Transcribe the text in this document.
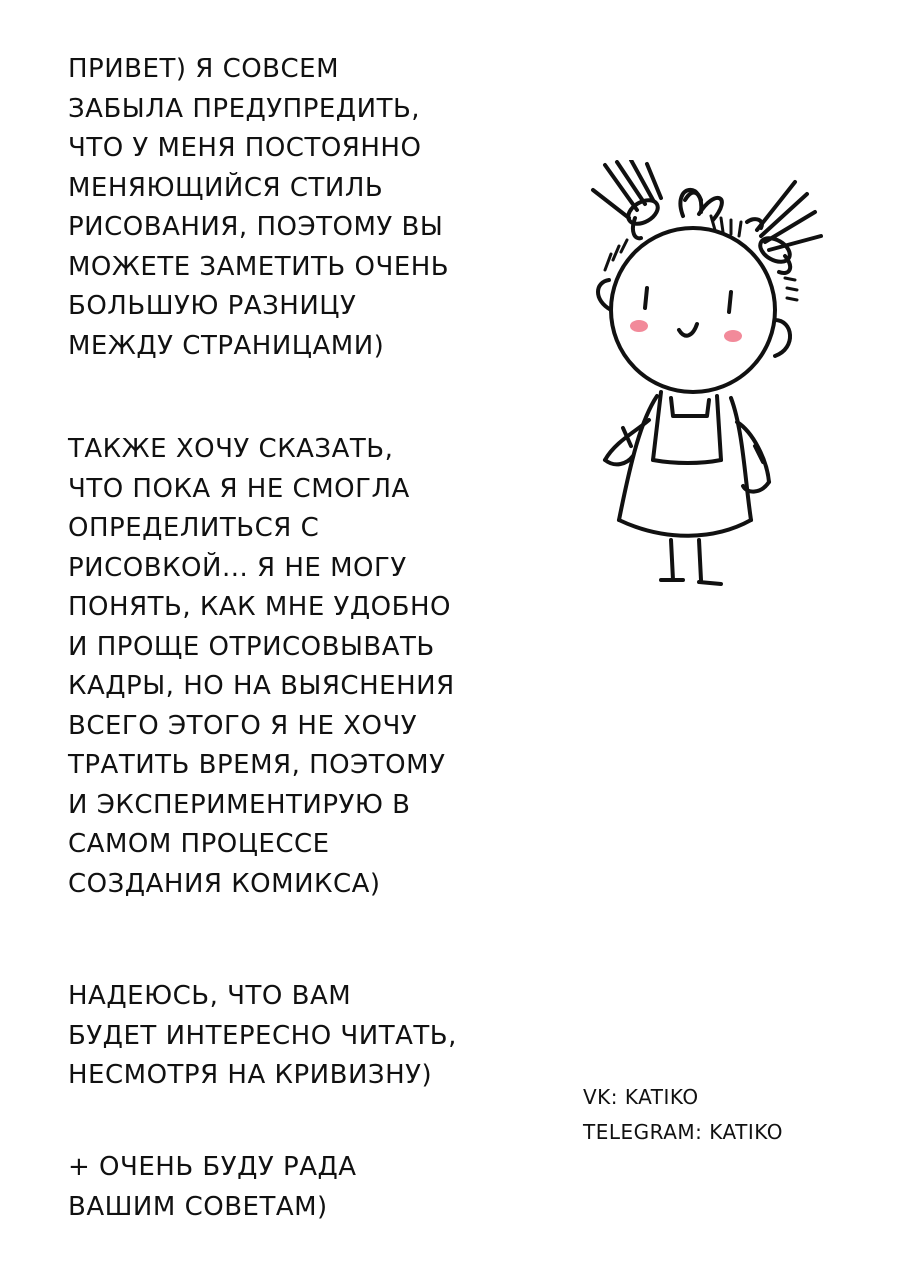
ПРИВЕТ) Я СОВСЕМ
ЗАБЫЛА ПРЕДУПРЕДИТЬ,
ЧТО У МЕНЯ ПОСТОЯННО
МЕНЯЮЩИЙСЯ СТИЛЬ
РИСОВАНИЯ, ПОЭТОМУ ВЫ
МОЖЕТЕ ЗАМЕТИТЬ ОЧЕНЬ
БОЛЬШУЮ РАЗНИЦУ
МЕЖДУ СТРАНИЦАМИ)
ТАКЖЕ ХОЧУ СКАЗАТЬ,
ЧТО ПОКА Я НЕ СМОГЛА
ОПРЕДЕЛИТЬСЯ С
РИСОВКОЙ... Я НЕ МОГУ
ПОНЯТЬ, КАК МНЕ УДОБНО
И ПРОЩЕ ОТРИСОВЫВАТЬ
КАДРЫ, НО НА ВЫЯСНЕНИЯ
ВСЕГО ЭТОГО Я НЕ ХОЧУ
ТРАТИТЬ ВРЕМЯ, ПОЭТОМУ
И ЭКСПЕРИМЕНТИРУЮ В
САМОМ ПРОЦЕССЕ
СОЗДАНИЯ КОМИКСА)
НАДЕЮСЬ, ЧТО ВАМ
БУДЕТ ИНТЕРЕСНО ЧИТАТЬ,
НЕСМОТРЯ НА КРИВИЗНУ)
+ ОЧЕНЬ БУДУ РАДА
ВАШИМ СОВЕТАМ)
VK: KATIKO
TELEGRAM: KATIKO
